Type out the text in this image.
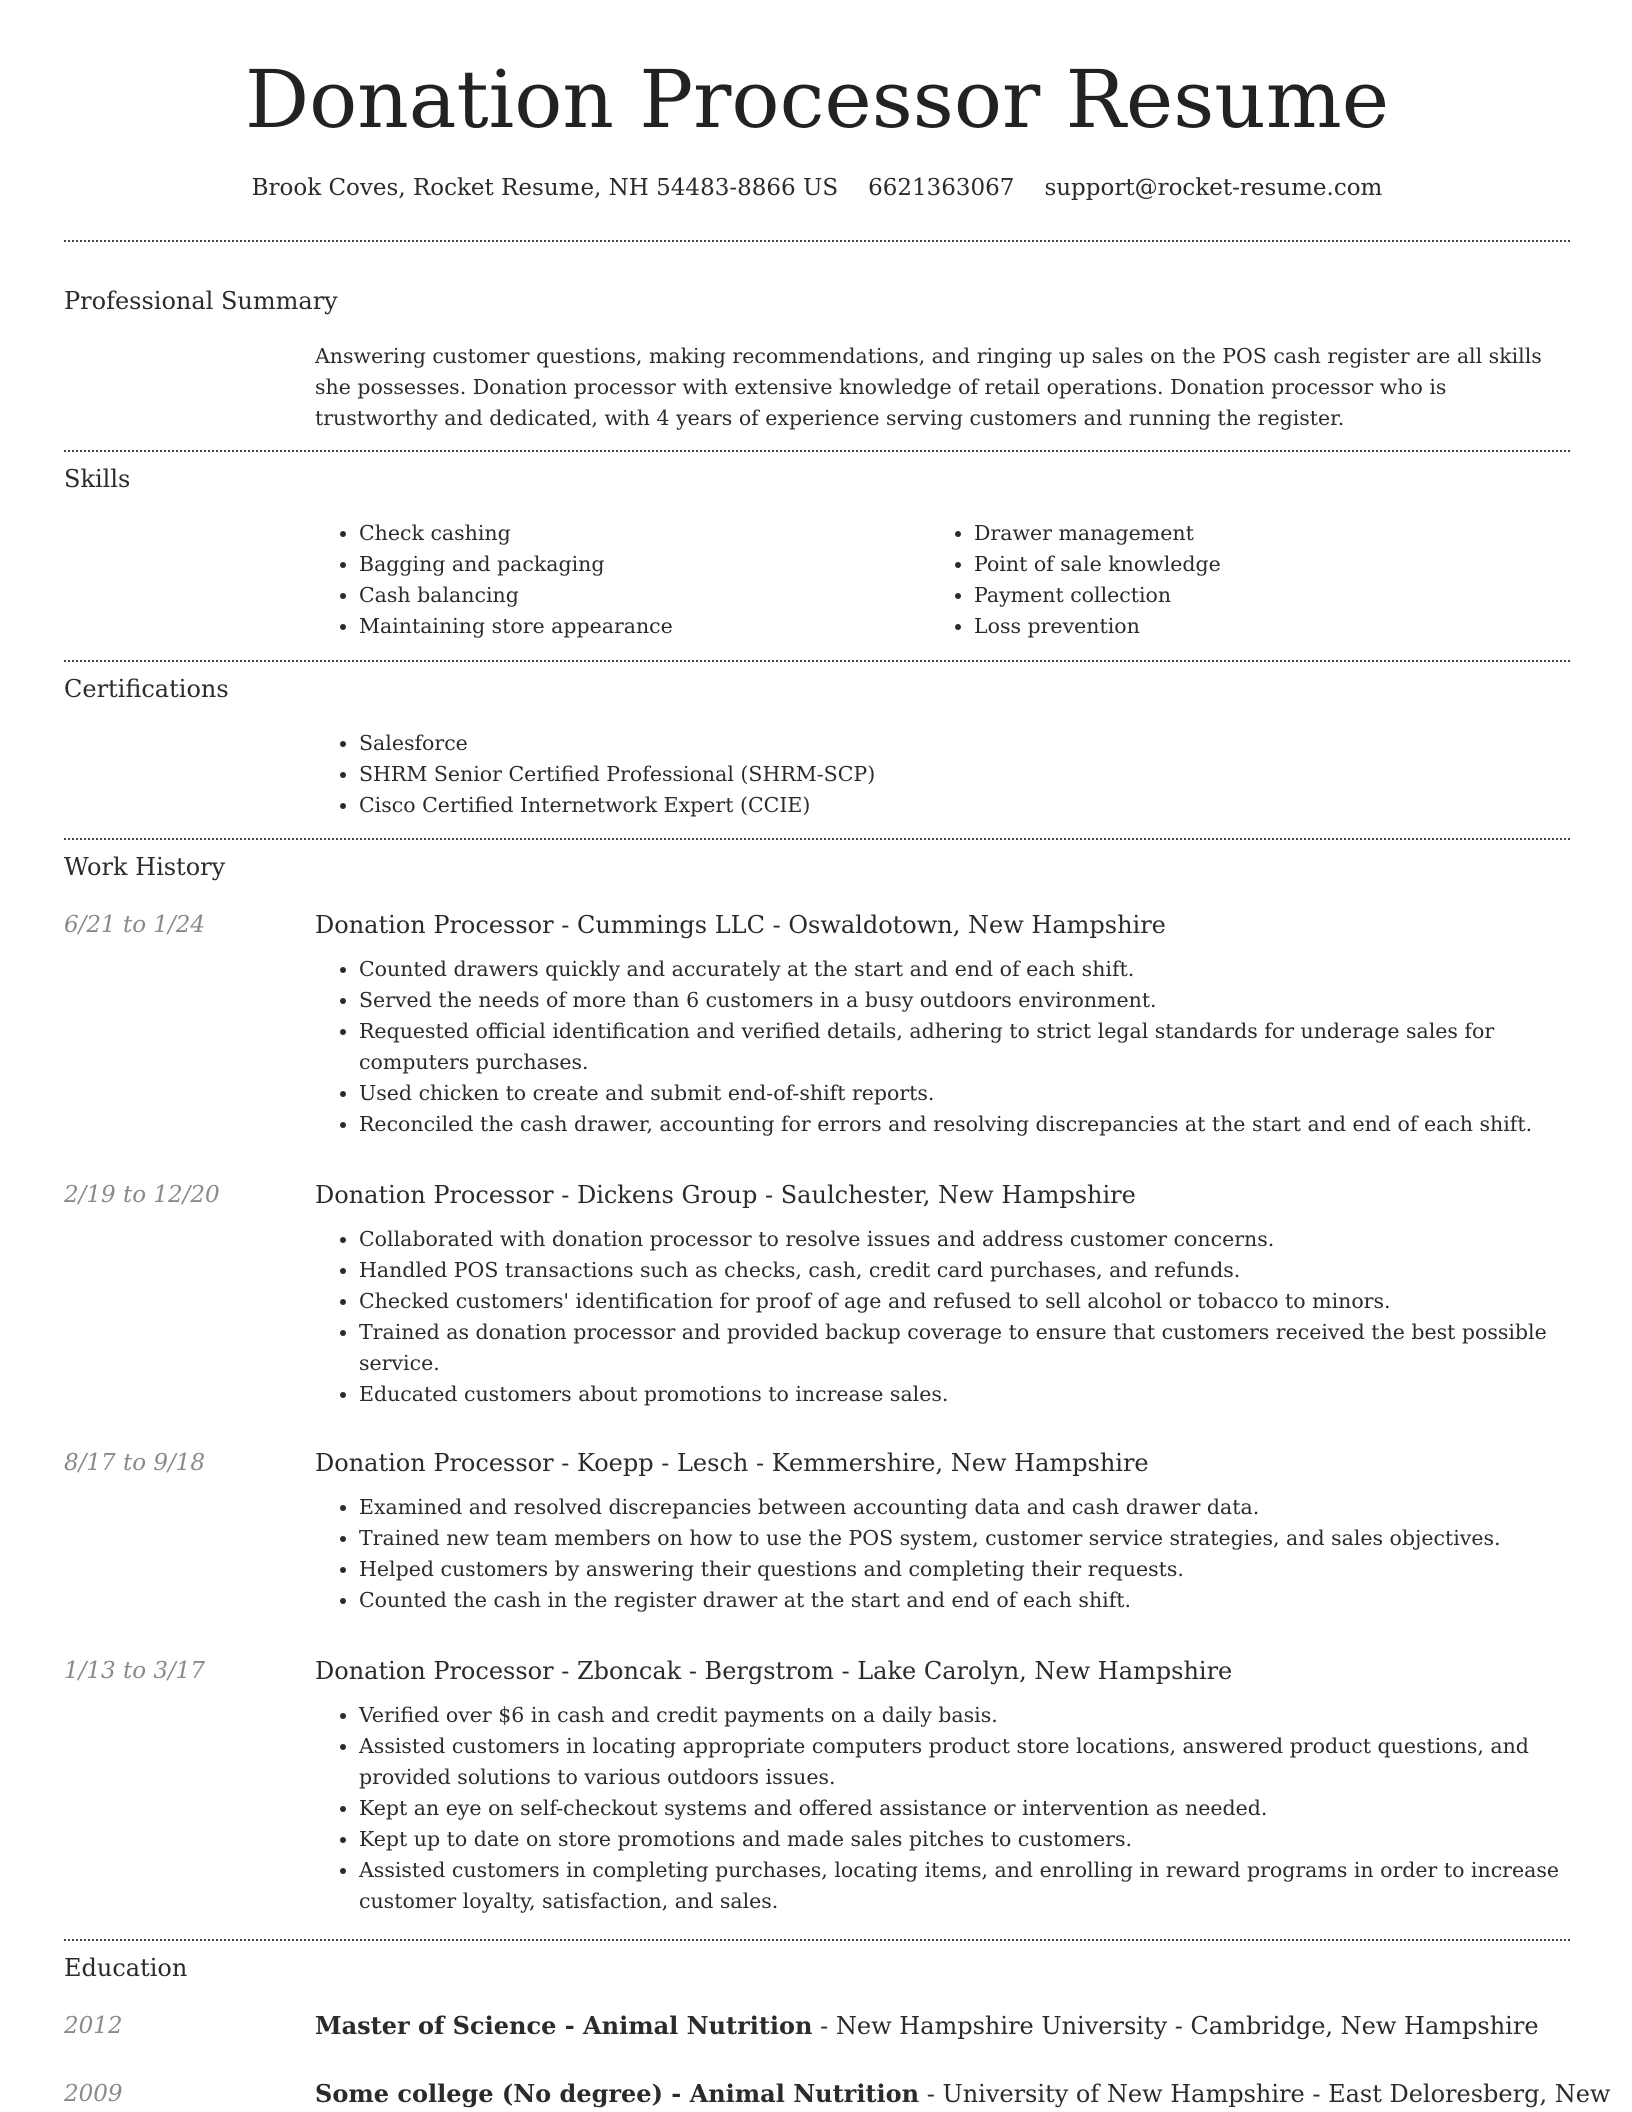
Donation Processor Resume
Brook Coves, Rocket Resume, NH 54483-8866 US 6621363067 support@rocket-resume.com
Professional Summary

Answering customer questions, making recommendations, and ringing up sales on the POS cash register are all skills she possesses. Donation processor with extensive knowledge of retail operations. Donation processor who is trustworthy and dedicated, with 4 years of experience serving customers and running the register.

Skills
• Check cashing
• Bagging and packaging
• Cash balancing
• Maintaining store appearance
• Drawer management
• Point of sale knowledge
• Payment collection
• Loss prevention
Certifications
• Salesforce
• SHRM Senior Certified Professional (SHRM-SCP)
• Cisco Certified Internetwork Expert (CCIE)
Work History
6/21 to 1/24	Donation Processor - Cummings LLC - Oswaldotown, New Hampshire
• Counted drawers quickly and accurately at the start and end of each shift.
• Served the needs of more than 6 customers in a busy outdoors environment.
• Requested official identification and verified details, adhering to strict legal standards for underage sales for computers purchases.
• Used chicken to create and submit end-of-shift reports.
• Reconciled the cash drawer, accounting for errors and resolving discrepancies at the start and end of each shift.
2/19 to 12/20	Donation Processor - Dickens Group - Saulchester, New Hampshire
• Collaborated with donation processor to resolve issues and address customer concerns.
• Handled POS transactions such as checks, cash, credit card purchases, and refunds.
• Checked customers' identification for proof of age and refused to sell alcohol or tobacco to minors.
• Trained as donation processor and provided backup coverage to ensure that customers received the best possible service.
• Educated customers about promotions to increase sales.
8/17 to 9/18	Donation Processor - Koepp - Lesch - Kemmershire, New Hampshire
• Examined and resolved discrepancies between accounting data and cash drawer data.
• Trained new team members on how to use the POS system, customer service strategies, and sales objectives.
• Helped customers by answering their questions and completing their requests.
• Counted the cash in the register drawer at the start and end of each shift.
1/13 to 3/17	Donation Processor - Zboncak - Bergstrom - Lake Carolyn, New Hampshire
• Verified over $6 in cash and credit payments on a daily basis.
• Assisted customers in locating appropriate computers product store locations, answered product questions, and provided solutions to various outdoors issues.
• Kept an eye on self-checkout systems and offered assistance or intervention as needed.
• Kept up to date on store promotions and made sales pitches to customers.
• Assisted customers in completing purchases, locating items, and enrolling in reward programs in order to increase customer loyalty, satisfaction, and sales.
Education
2012	Master of Science - Animal Nutrition - New Hampshire University - Cambridge, New Hampshire
2009	Some college (No degree) - Animal Nutrition - University of New Hampshire - East Deloresberg, New
